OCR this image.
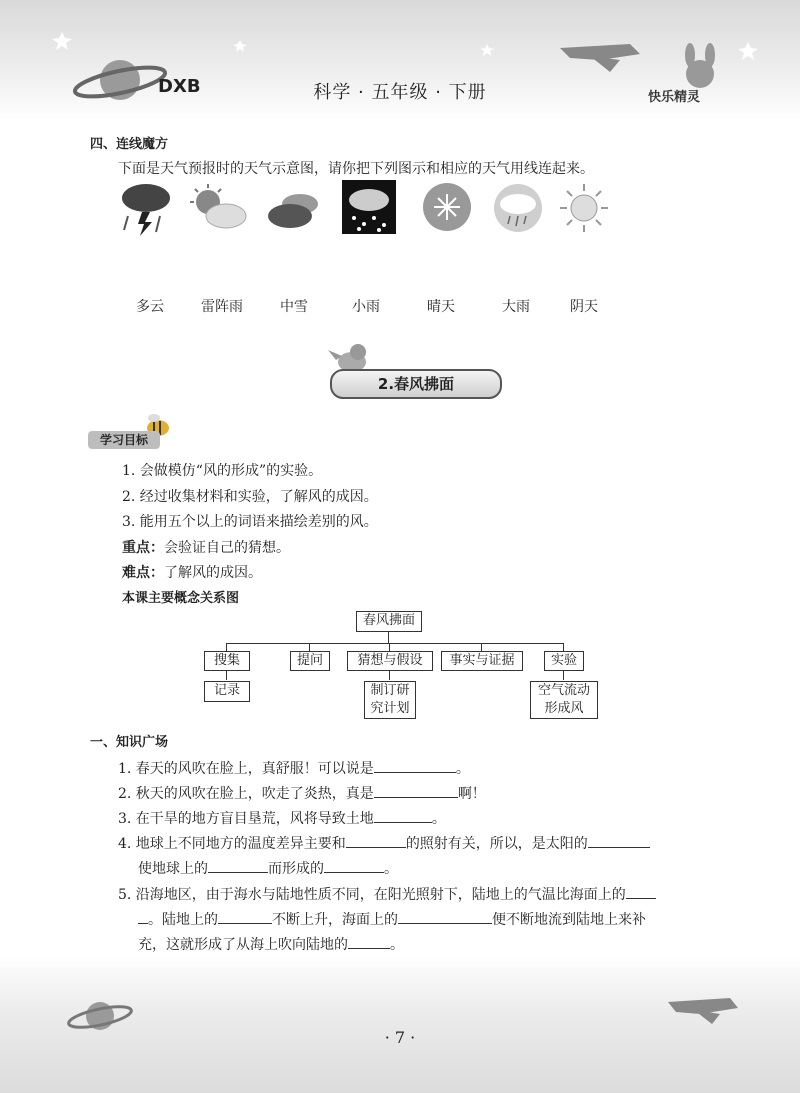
DXB	科学 · 五年级 · 下册	快乐精灵
四、连线魔方
下面是天气预报时的天气示意图，请你把下列图示和相应的天气用线连起来。
多云	雷阵雨	中雪	小雨	晴天	大雨	阴天
2.春风拂面
学习目标
1. 会做模仿“风的形成”的实验。
2. 经过收集材料和实验，了解风的成因。
3. 能用五个以上的词语来描绘差别的风。
重点：会验证自己的猜想。
难点：了解风的成因。
本课主要概念关系图
春风拂面
搜集	提问	猜想与假设	事实与证据	实验
记录	制订研
究计划
空气流动
形成风
一、知识广场
1. 春天的风吹在脸上，真舒服！可以说是	。
2. 秋天的风吹在脸上，吹走了炎热，真是	啊！
3. 在干旱的地方盲目垦荒，风将导致土地	。
4. 地球上不同地方的温度差异主要和	的照射有关，所以，是太阳的
使地球上的	而形成的	。
5. 沿海地区，由于海水与陆地性质不同，在阳光照射下，陆地上的气温比海面上的
。陆地上的	不断上升，海面上的	便不断地流到陆地上来补
充，这就形成了从海上吹向陆地的	。
· 7 ·
